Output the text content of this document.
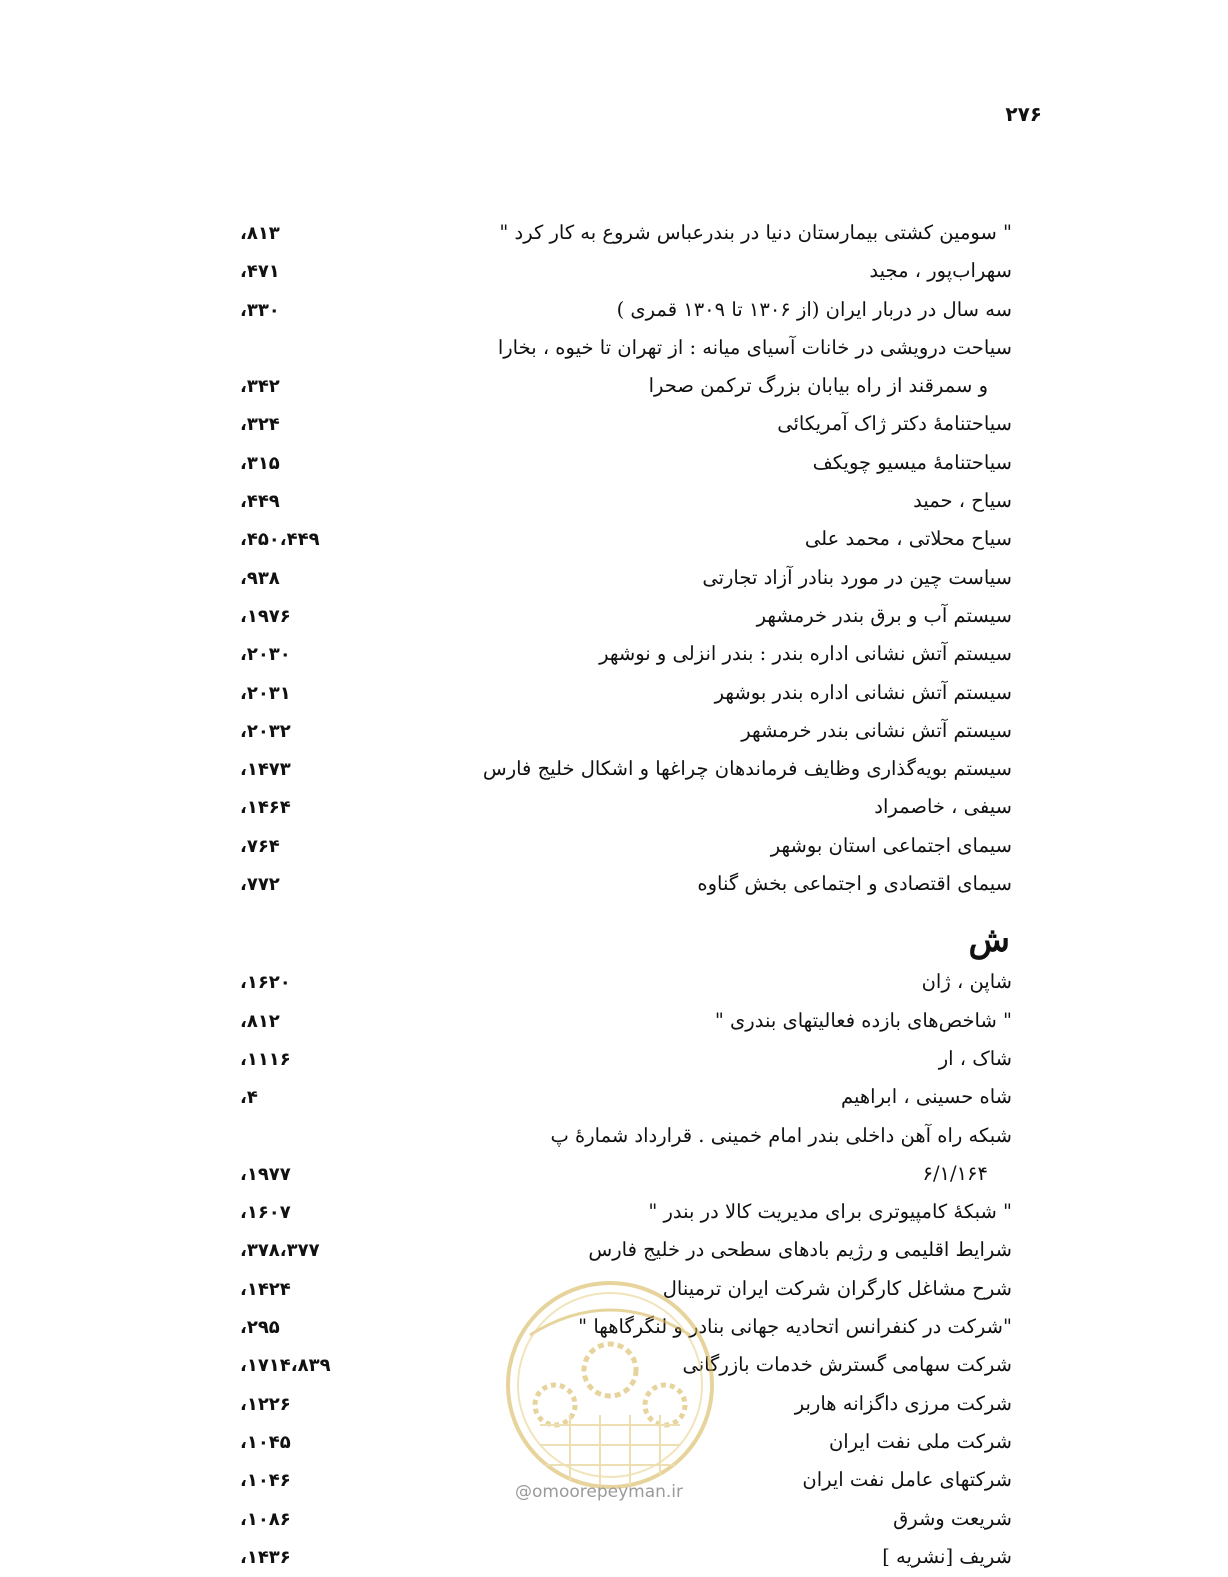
۲۷۶
" سومین کشتی بیمارستان دنیا در بندرعباس شروع به کار کرد "
،۸۱۳
سهراب‌پور ، مجید
،۴۷۱
سه سال در دربار ایران (از ۱۳۰۶ تا ۱۳۰۹ قمری )
،۳۳۰
سیاحت درویشی در خانات آسیای میانه : از تهران تا خیوه ، بخارا
و سمرقند از راه بیابان بزرگ ترکمن صحرا
،۳۴۲
سیاحتنامهٔ دکتر ژاک آمریکائی
،۳۲۴
سیاحتنامهٔ میسیو چویکف
،۳۱۵
سیاح ، حمید
،۴۴۹
سیاح محلاتی ، محمد علی
،۴۵۰،۴۴۹
سیاست چین در مورد بنادر آزاد تجارتی
،۹۳۸
سیستم آب و برق بندر خرمشهر
،۱۹۷۶
سیستم آتش نشانی اداره بندر : بندر انزلی و نوشهر
،۲۰۳۰
سیستم آتش نشانی اداره بندر بوشهر
،۲۰۳۱
سیستم آتش نشانی بندر خرمشهر
،۲۰۳۲
سیستم بویه‌گذاری وظایف فرماندهان چراغها و اشکال خلیج فارس
،۱۴۷۳
سیفی ، خاصمراد
،۱۴۶۴
سیمای اجتماعی استان بوشهر
،۷۶۴
سیمای اقتصادی و اجتماعی بخش گناوه
،۷۷۲
ش
شاپن ، ژان
،۱۶۲۰
" شاخص‌های بازده فعالیتهای بندری "
،۸۱۲
شاک ، ار
،۱۱۱۶
شاه حسینی ، ابراهیم
،۴
شبکه راه آهن داخلی بندر امام خمینی . قرارداد شمارهٔ پ
۶/۱/۱۶۴
،۱۹۷۷
" شبکهٔ کامپیوتری برای مدیریت کالا در بندر "
،۱۶۰۷
شرایط اقلیمی و رژیم بادهای سطحی در خلیج فارس
،۳۷۸،۳۷۷
شرح مشاغل کارگران شرکت ایران ترمینال
،۱۴۲۴
"شرکت در کنفرانس اتحادیه جهانی بنادر و لنگرگاهها "
،۲۹۵
شرکت سهامی گسترش خدمات بازرگانی
،۱۷۱۴،۸۳۹
شرکت مرزی داگزانه هاربر
،۱۲۲۶
شرکت ملی نفت ایران
،۱۰۴۵
شرکتهای عامل نفت ایران
،۱۰۴۶
شریعت وشرق
،۱۰۸۶
شریف [نشریه ]
،۱۴۳۶
@omoorepeyman.ir
